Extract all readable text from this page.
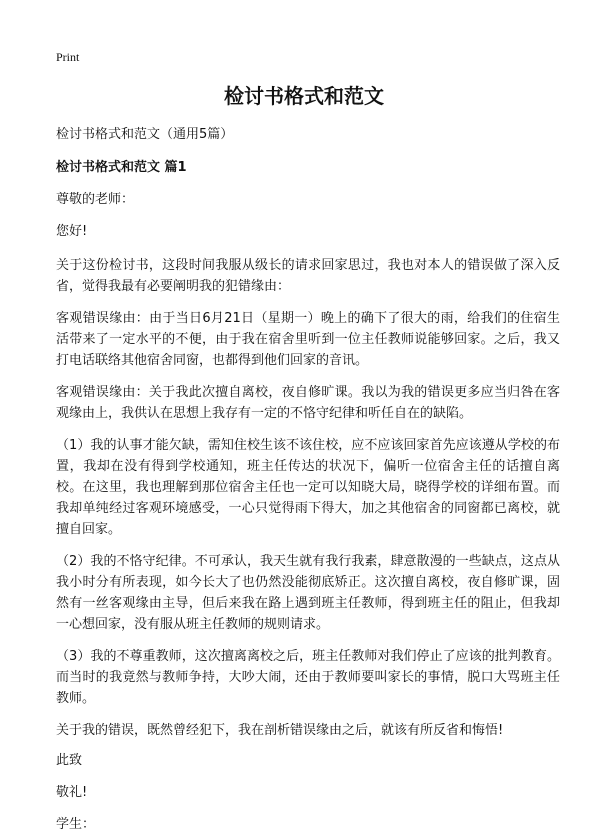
Print
检讨书格式和范文
检讨书格式和范文（通用5篇）
检讨书格式和范文 篇1

尊敬的老师：

您好!

关于这份检讨书，这段时间我服从级长的请求回家思过，我也对本人的错误做了深入反省，觉得我最有必要阐明我的犯错缘由：

客观错误缘由：由于当日6月21日（星期一）晚上的确下了很大的雨，给我们的住宿生活带来了一定水平的不便，由于我在宿舍里听到一位主任教师说能够回家。之后，我又打电话联络其他宿舍同窗，也都得到他们回家的音讯。

客观错误缘由：关于我此次擅自离校，夜自修旷课。我以为我的错误更多应当归咎在客观缘由上，我供认在思想上我存有一定的不恪守纪律和听任自在的缺陷。

（1）我的认事才能欠缺，需知住校生该不该住校，应不应该回家首先应该遵从学校的布置，我却在没有得到学校通知，班主任传达的状况下，偏听一位宿舍主任的话擅自离校。在这里，我也理解到那位宿舍主任也一定可以知晓大局，晓得学校的详细布置。而我却单纯经过客观环境感受，一心只觉得雨下得大，加之其他宿舍的同窗都已离校，就擅自回家。

（2）我的不恪守纪律。不可承认，我天生就有我行我素，肆意散漫的一些缺点，这点从我小时分有所表现，如今长大了也仍然没能彻底矫正。这次擅自离校，夜自修旷课，固然有一丝客观缘由主导，但后来我在路上遇到班主任教师，得到班主任的阻止，但我却一心想回家，没有服从班主任教师的规则请求。

（3）我的不尊重教师，这次擅离离校之后，班主任教师对我们停止了应该的批判教育。而当时的我竟然与教师争持，大吵大闹，还由于教师要叫家长的事情，脱口大骂班主任教师。

关于我的错误，既然曾经犯下，我在剖析错误缘由之后，就该有所反省和悔悟!

此致

敬礼!

学生：
